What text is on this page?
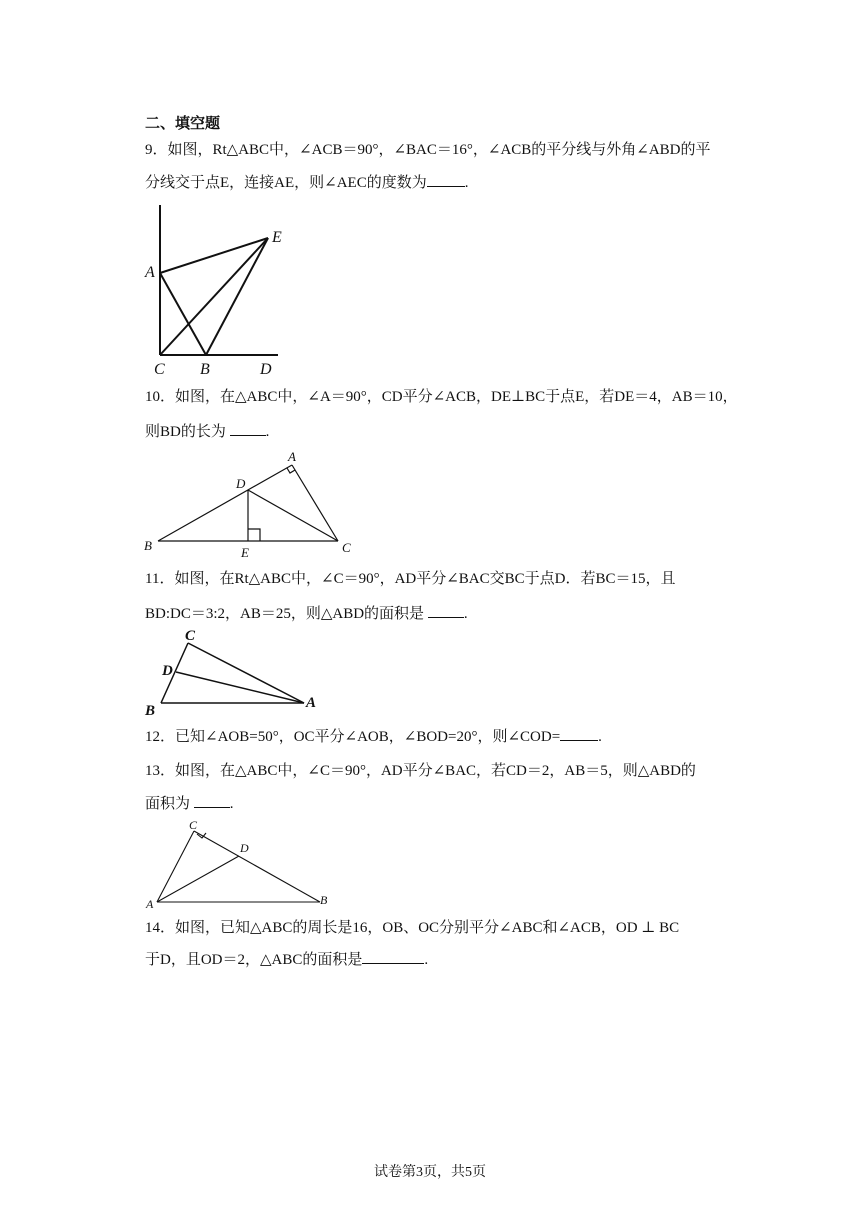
二、填空题
9．如图，Rt△ABC中，∠ACB＝90°，∠BAC＝16°，∠ACB的平分线与外角∠ABD的平
分线交于点E，连接AE，则∠AEC的度数为	.
A
E
C B	D
10．如图，在△ABC中，∠A＝90°，CD平分∠ACB，DE⊥BC于点E，若DE＝4，AB＝10，
则BD的长为	.
B
A
D
E	C
11．如图，在Rt△ABC中，∠C＝90°，AD平分∠BAC交BC于点D．若BC＝15，且
BD:DC＝3:2，AB＝25，则△ABD的面积是	.
C
D
B	A
12．已知∠AOB=50°，OC平分∠AOB，∠BOD=20°，则∠COD=	.
13．如图，在△ABC中，∠C＝90°，AD平分∠BAC，若CD＝2，AB＝5，则△ABD的
面积为	.
C
D
A	B
14．如图，已知△ABC的周长是16，OB、OC分别平分∠ABC和∠ACB，OD ⊥ BC
于D，且OD＝2，△ABC的面积是	.
试卷第3页，共5页
